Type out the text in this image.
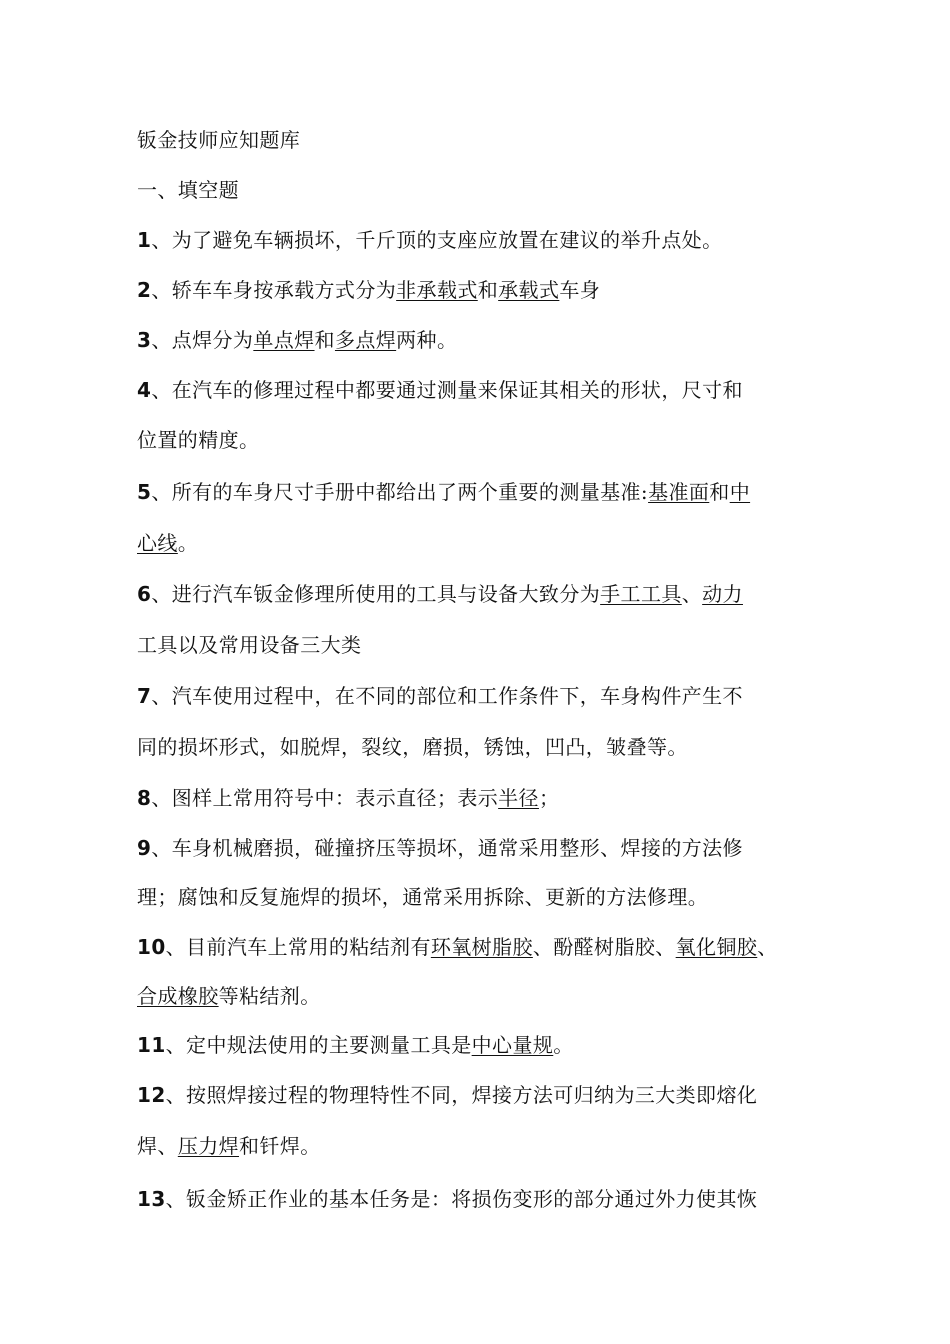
钣金技师应知题库
一、填空题
1、为了避免车辆损坏，千斤顶的支座应放置在建议的举升点处。
2、轿车车身按承载方式分为非承载式和承载式车身
3、点焊分为单点焊和多点焊两种。
4、在汽车的修理过程中都要通过测量来保证其相关的形状，尺寸和
位置的精度。
5、所有的车身尺寸手册中都给出了两个重要的测量基准:基准面和中
心线。
6、进行汽车钣金修理所使用的工具与设备大致分为手工工具、动力
工具以及常用设备三大类
7、汽车使用过程中，在不同的部位和工作条件下，车身构件产生不
同的损坏形式，如脱焊，裂纹，磨损，锈蚀，凹凸，皱叠等。
8、图样上常用符号中：表示直径；表示半径；
9、车身机械磨损，碰撞挤压等损坏，通常采用整形、焊接的方法修
理；腐蚀和反复施焊的损坏，通常采用拆除、更新的方法修理。
10、目前汽车上常用的粘结剂有环氧树脂胶、酚醛树脂胶、氧化铜胶、
合成橡胶等粘结剂。
11、定中规法使用的主要测量工具是中心量规。
12、按照焊接过程的物理特性不同，焊接方法可归纳为三大类即熔化
焊、压力焊和钎焊。
13、钣金矫正作业的基本任务是：将损伤变形的部分通过外力使其恢
